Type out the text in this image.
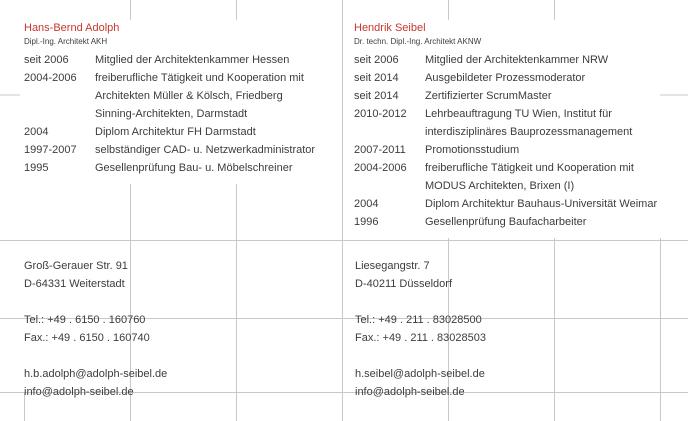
Hans-Bernd Adolph

Dipl.-Ing. Architekt AKH

seit 2006	Mitglied der Architektenkammer Hessen
2004-2006	freiberufliche Tätigkeit und Kooperation mit
Architekten Müller & Kölsch, Friedberg
Sinning-Architekten, Darmstadt
2004	Diplom Architektur FH Darmstadt
1997-2007	selbständiger CAD- u. Netzwerkadministrator
1995	Gesellenprüfung Bau- u. Möbelschreiner

Hendrik Seibel

Dr. techn. Dipl.-Ing. Architekt AKNW

seit 2006	Mitglied der Architektenkammer NRW
seit 2014	Ausgebildeter Prozessmoderator
seit 2014	Zertifizierter ScrumMaster
2010-2012	Lehrbeauftragung TU Wien, Institut für
interdisziplinäres Bauprozessmanagement
2007-2011	Promotionsstudium
2004-2006	freiberufliche Tätigkeit und Kooperation mit
MODUS Architekten, Brixen (I)
2004	Diplom Architektur Bauhaus-Universität Weimar
1996	Gesellenprüfung Baufacharbeiter
Groß-Gerauer Str. 91
D-64331 Weiterstadt
Tel.: +49 . 6150 . 160760
Fax.: +49 . 6150 . 160740
h.b.adolph@adolph-seibel.de
info@adolph-seibel.de
Liesegangstr. 7
D-40211 Düsseldorf
Tel.: +49 . 211 . 83028500
Fax.: +49 . 211 . 83028503
h.seibel@adolph-seibel.de
info@adolph-seibel.de
